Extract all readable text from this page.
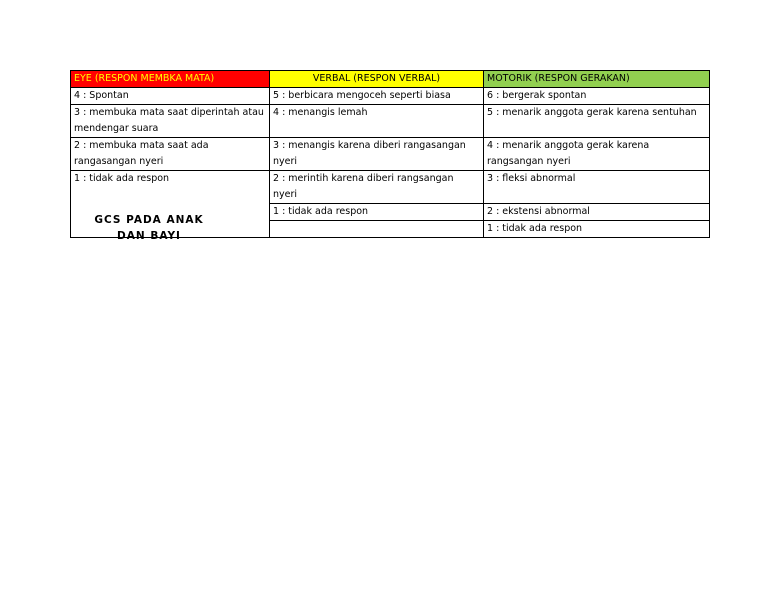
EYE (RESPON MEMBKA MATA)	VERBAL (RESPON VERBAL)	MOTORIK (RESPON GERAKAN)
4 : Spontan	5 : berbicara mengoceh seperti biasa	6 : bergerak spontan
3 : membuka mata saat diperintah atau mendengar suara	4 : menangis lemah	5 : menarik anggota gerak karena sentuhan
2 : membuka mata saat ada rangasangan nyeri	3 : menangis karena diberi rangasangan nyeri	4 : menarik anggota gerak karena rangsangan nyeri
1 : tidak ada respon	2 : merintih karena diberi rangsangan nyeri	3 : fleksi abnormal

GCS PADA ANAK DAN BAYI	1 : tidak ada respon	2 : ekstensi abnormal
		1 : tidak ada respon
